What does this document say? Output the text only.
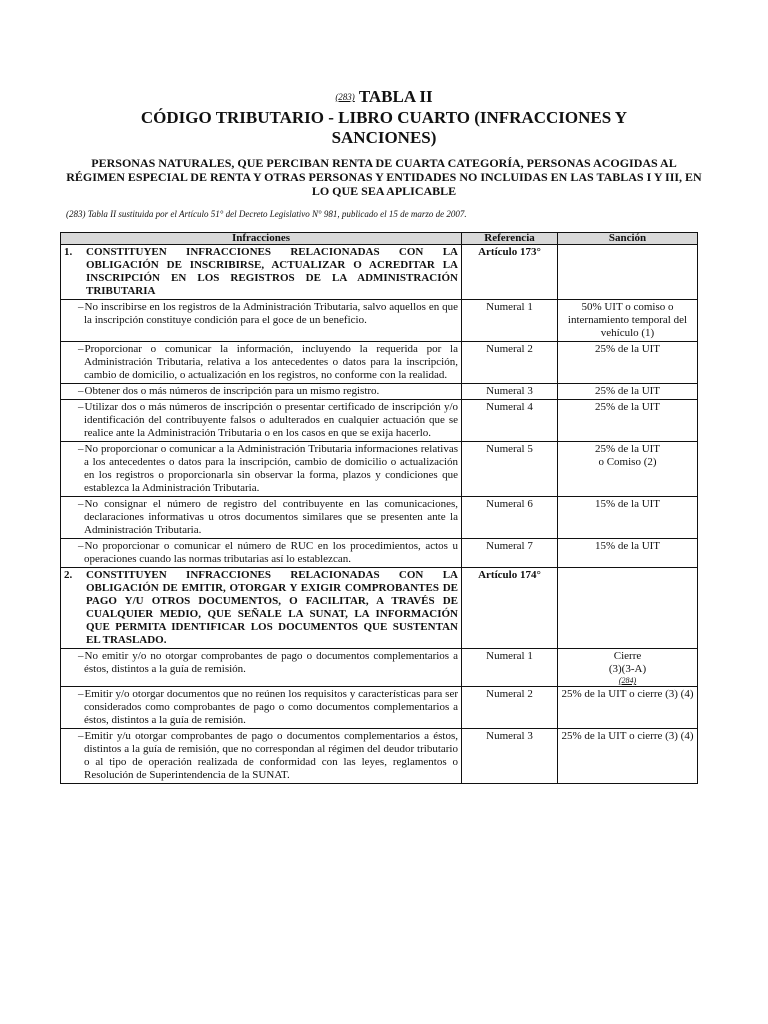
(283) TABLA II
CÓDIGO TRIBUTARIO - LIBRO CUARTO (INFRACCIONES Y SANCIONES)
PERSONAS NATURALES, QUE PERCIBAN RENTA DE CUARTA CATEGORÍA, PERSONAS ACOGIDAS AL RÉGIMEN ESPECIAL DE RENTA Y OTRAS PERSONAS Y ENTIDADES NO INCLUIDAS EN LAS TABLAS I Y III, EN LO QUE SEA APLICABLE
(283) Tabla II sustituida por el Artículo 51° del Decreto Legislativo N° 981, publicado el 15 de marzo de 2007.
Infracciones	Referencia	Sanción

1. CONSTITUYEN INFRACCIONES RELACIONADAS CON LA OBLIGACIÓN DE INSCRIBIRSE, ACTUALIZAR O ACREDITAR LA INSCRIPCIÓN EN LOS REGISTROS DE LA ADMINISTRACIÓN TRIBUTARIA	Artículo 173°	

–No inscribirse en los registros de la Administración Tributaria, salvo aquellos en que la inscripción constituye condición para el goce de un beneficio.	Numeral 1	50% UIT o comiso o internamiento temporal del vehículo (1)

–Proporcionar o comunicar la información, incluyendo la requerida por la Administración Tributaria, relativa a los antecedentes o datos para la inscripción, cambio de domicilio, o actualización en los registros, no conforme con la realidad.	Numeral 2	25% de la UIT

–Obtener dos o más números de inscripción para un mismo registro.	Numeral 3	25% de la UIT

–Utilizar dos o más números de inscripción o presentar certificado de inscripción y/o identificación del contribuyente falsos o adulterados en cualquier actuación que se realice ante la Administración Tributaria o en los casos en que se exija hacerlo.	Numeral 4	25% de la UIT

–No proporcionar o comunicar a la Administración Tributaria informaciones relativas a los antecedentes o datos para la inscripción, cambio de domicilio o actualización en los registros o proporcionarla sin observar la forma, plazos y condiciones que establezca la Administración Tributaria.	Numeral 5	25% de la UIT
o Comiso (2)

–No consignar el número de registro del contribuyente en las comunicaciones, declaraciones informativas u otros documentos similares que se presenten ante la Administración Tributaria.	Numeral 6	15% de la UIT

–No proporcionar o comunicar el número de RUC en los procedimientos, actos u operaciones cuando las normas tributarias así lo establezcan.	Numeral 7	15% de la UIT

2. CONSTITUYEN INFRACCIONES RELACIONADAS CON LA OBLIGACIÓN DE EMITIR, OTORGAR Y EXIGIR COMPROBANTES DE PAGO Y/U OTROS DOCUMENTOS, O FACILITAR, A TRAVÉS DE CUALQUIER MEDIO, QUE SEÑALE LA SUNAT, LA INFORMACIÓN QUE PERMITA IDENTIFICAR LOS DOCUMENTOS QUE SUSTENTAN EL TRASLADO.	Artículo 174°	

–No emitir y/o no otorgar comprobantes de pago o documentos complementarios a éstos, distintos a la guía de remisión.	Numeral 1	Cierre
(3)(3-A)
(284)

–Emitir y/o otorgar documentos que no reúnen los requisitos y características para ser considerados como comprobantes de pago o como documentos complementarios a éstos, distintos a la guía de remisión.	Numeral 2	25% de la UIT o cierre (3) (4)

–Emitir y/u otorgar comprobantes de pago o documentos complementarios a éstos, distintos a la guía de remisión, que no correspondan al régimen del deudor tributario o al tipo de operación realizada de conformidad con las leyes, reglamentos o Resolución de Superintendencia de la SUNAT.	Numeral 3	25% de la UIT o cierre (3) (4)
